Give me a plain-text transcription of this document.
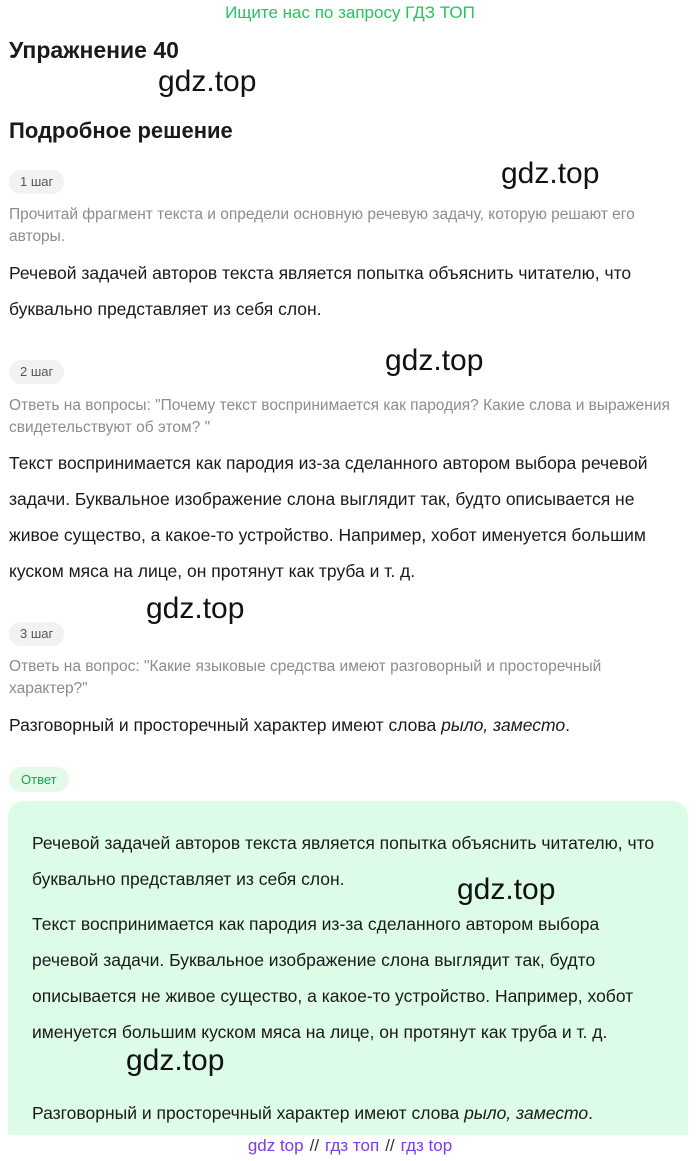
Ищите нас по запросу ГДЗ ТОП
Упражнение 40
gdz.top
Подробное решение
1 шаг	gdz.top
Прочитай фрагмент текста и определи основную речевую задачу, которую решают его авторы.
Речевой задачей авторов текста является попытка объяснить читателю, что буквально представляет из себя слон.
2 шаг	gdz.top
Ответь на вопросы: "Почему текст воспринимается как пародия? Какие слова и выражения свидетельствуют об этом? "
Текст воспринимается как пародия из-за сделанного автором выбора речевой задачи. Буквальное изображение слона выглядит так, будто описывается не живое существо, а какое-то устройство. Например, хобот именуется большим куском мяса на лице, он протянут как труба и т. д.
gdz.top
3 шаг
Ответь на вопрос: "Какие языковые средства имеют разговорный и просторечный характер?"
Разговорный и просторечный характер имеют слова рыло, заместо.
Ответ
Речевой задачей авторов текста является попытка объяснить читателю, что буквально представляет из себя слон.	gdz.top
Текст воспринимается как пародия из-за сделанного автором выбора речевой задачи. Буквальное изображение слона выглядит так, будто описывается не живое существо, а какое-то устройство. Например, хобот именуется большим куском мяса на лице, он протянут как труба и т. д.
gdz.top
Разговорный и просторечный характер имеют слова рыло, заместо.
gdz top // гдз топ // гдз top
